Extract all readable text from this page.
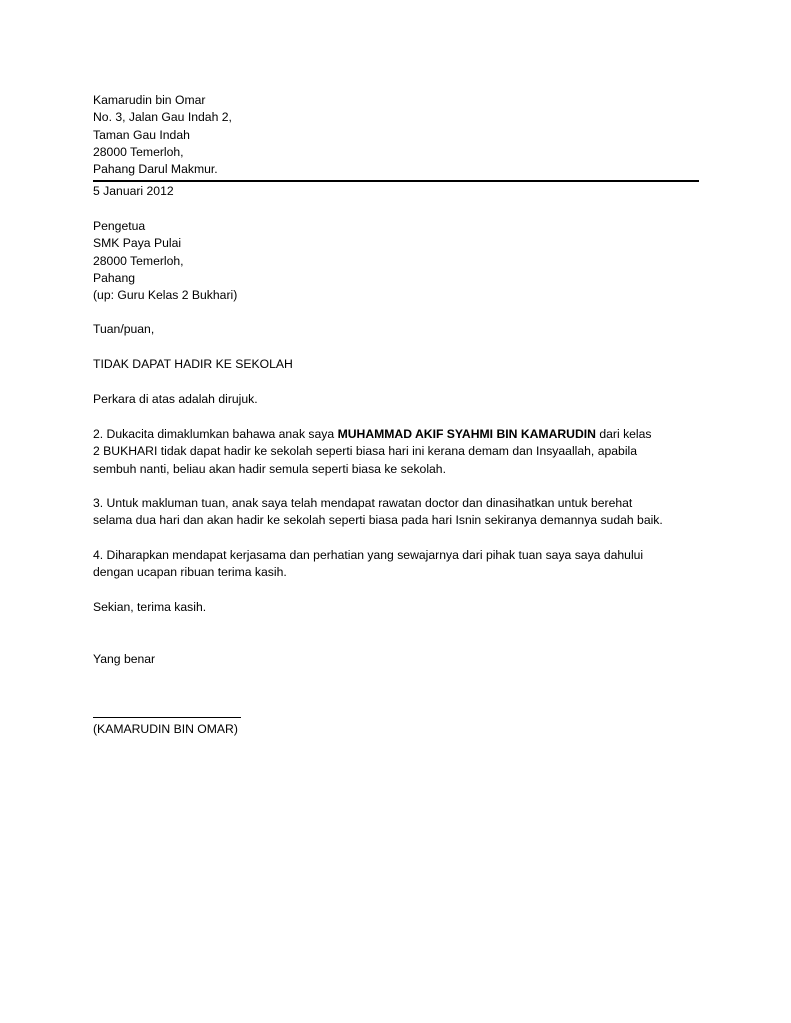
Kamarudin bin Omar
No. 3, Jalan Gau Indah 2,
Taman Gau Indah
28000 Temerloh,
Pahang Darul Makmur.
5 Januari 2012
Pengetua
SMK Paya Pulai
28000 Temerloh,
Pahang
(up: Guru Kelas 2 Bukhari)
Tuan/puan,
TIDAK DAPAT HADIR KE SEKOLAH
Perkara di atas adalah dirujuk.
2. Dukacita dimaklumkan bahawa anak saya MUHAMMAD AKIF SYAHMI BIN KAMARUDIN dari kelas
2 BUKHARI tidak dapat hadir ke sekolah seperti biasa hari ini kerana demam dan Insyaallah, apabila
sembuh nanti, beliau akan hadir semula seperti biasa ke sekolah.
3. Untuk makluman tuan, anak saya telah mendapat rawatan doctor dan dinasihatkan untuk berehat
selama dua hari dan akan hadir ke sekolah seperti biasa pada hari Isnin sekiranya demannya sudah baik.
4. Diharapkan mendapat kerjasama dan perhatian yang sewajarnya dari pihak tuan saya saya dahului
dengan ucapan ribuan terima kasih.
Sekian, terima kasih.
Yang benar
(KAMARUDIN BIN OMAR)
